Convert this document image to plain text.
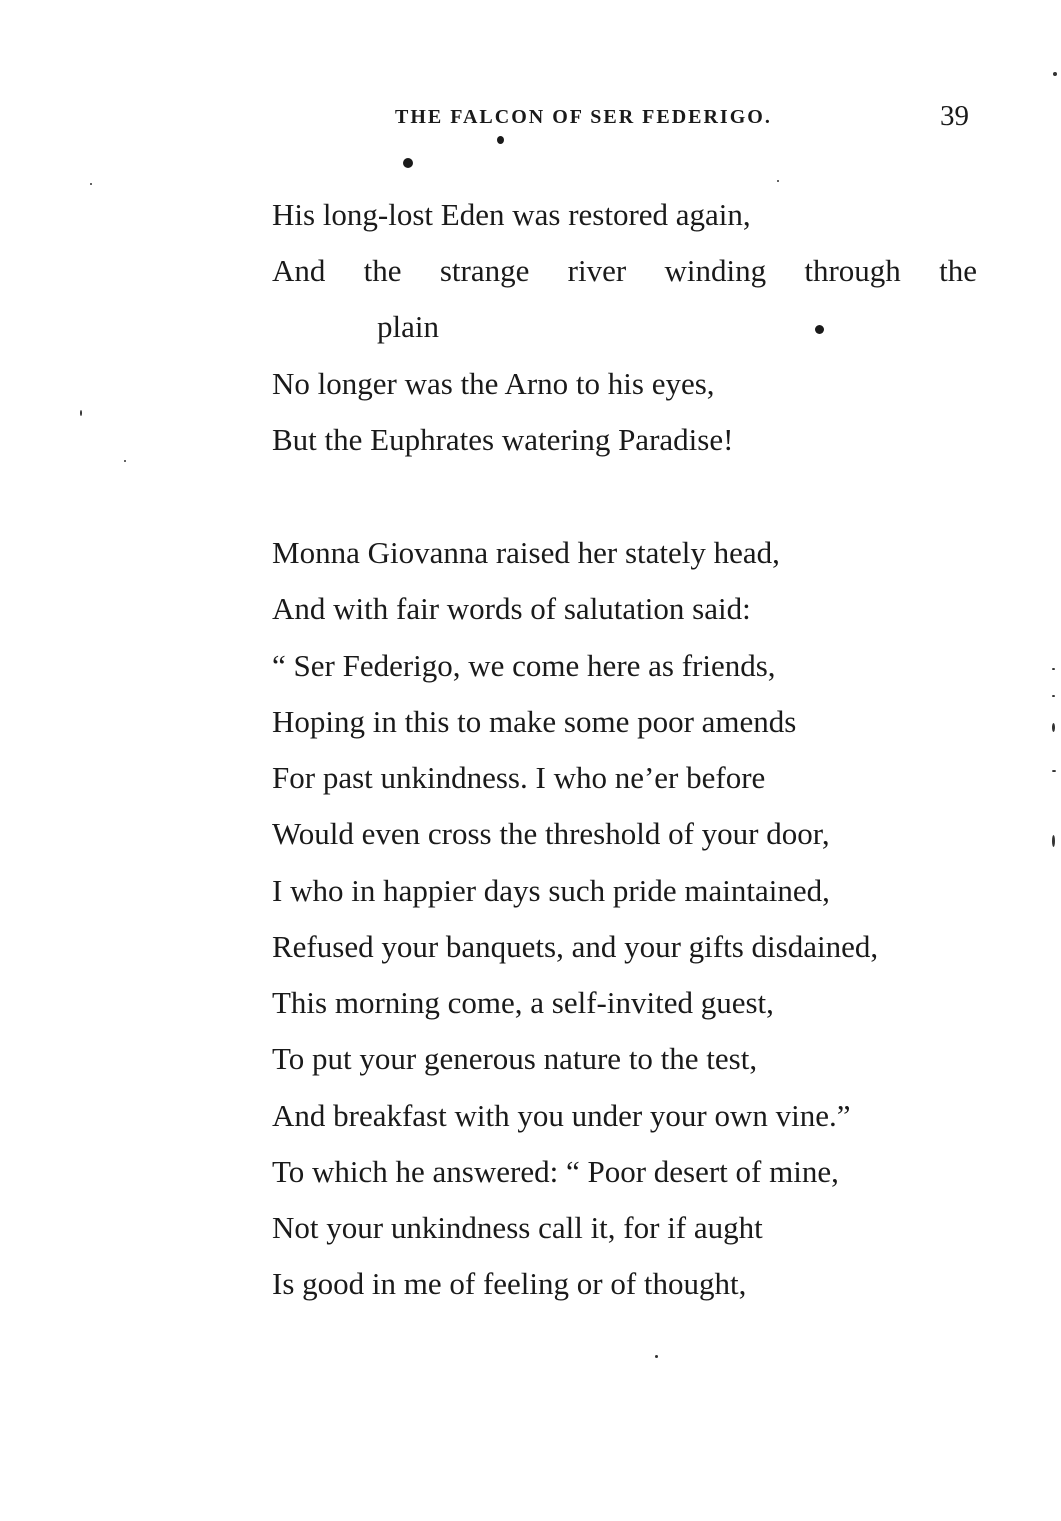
THE FALCON OF SER FEDERIGO.	39
His long-lost Eden was restored again,
And the strange river winding through the
plain
No longer was the Arno to his eyes,
But the Euphrates watering Paradise!
Monna Giovanna raised her stately head,
And with fair words of salutation said:
“ Ser Federigo, we come here as friends,
Hoping in this to make some poor amends
For past unkindness. I who ne’er before
Would even cross the threshold of your door,
I who in happier days such pride maintained,
Refused your banquets, and your gifts disdained,
This morning come, a self-invited guest,
To put your generous nature to the test,
And breakfast with you under your own vine.”
To which he answered: “ Poor desert of mine,
Not your unkindness call it, for if aught
Is good in me of feeling or of thought,
